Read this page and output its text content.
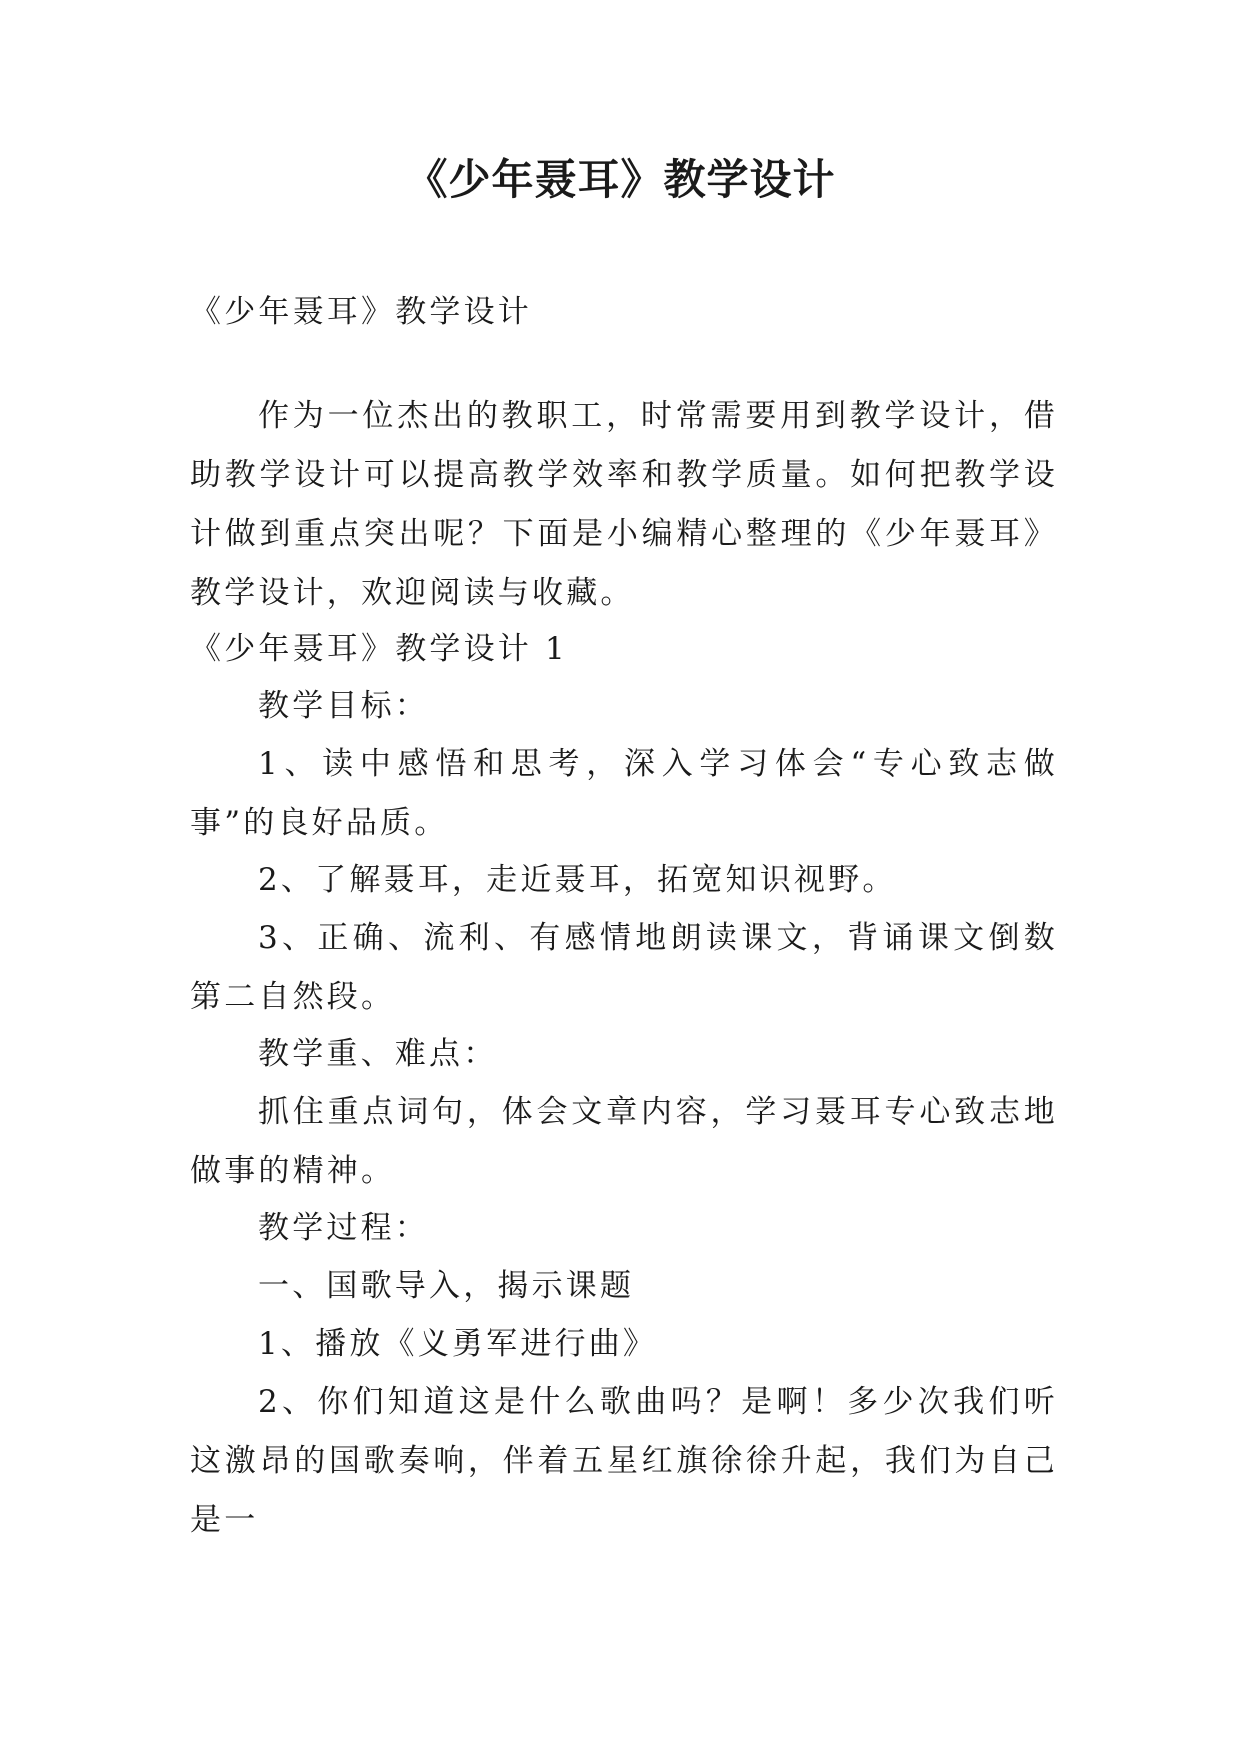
《少年聂耳》教学设计

《少年聂耳》教学设计

作为一位杰出的教职工，时常需要用到教学设计，借助教学设计可以提高教学效率和教学质量。如何把教学设计做到重点突出呢？下面是小编精心整理的《少年聂耳》教学设计，欢迎阅读与收藏。

《少年聂耳》教学设计 1

教学目标：

1、读中感悟和思考，深入学习体会“专心致志做事”的良好品质。

2、了解聂耳，走近聂耳，拓宽知识视野。

3、正确、流利、有感情地朗读课文，背诵课文倒数第二自然段。

教学重、难点：

抓住重点词句，体会文章内容，学习聂耳专心致志地做事的精神。

教学过程：

一、国歌导入，揭示课题

1、播放《义勇军进行曲》

2、你们知道这是什么歌曲吗？是啊！多少次我们听这激昂的国歌奏响，伴着五星红旗徐徐升起，我们为自己是一
